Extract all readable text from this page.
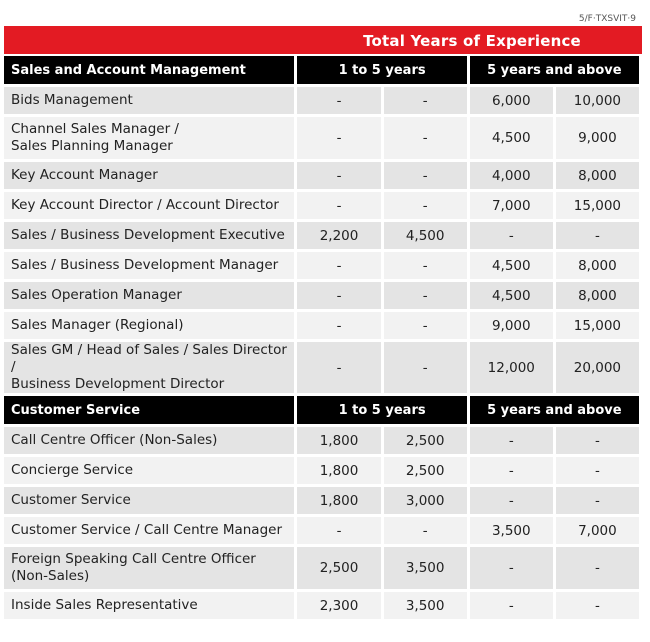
5/F·TXSVIT·9
Total Years of Experience
Sales and Account Management	1 to 5 years		5 years and above	

Bids Management	-	-	6,000	10,000

Channel Sales Manager /
Sales Planning Manager	-	-	4,500	9,000

Key Account Manager	-	-	4,000	8,000

Key Account Director / Account Director	-	-	7,000	15,000

Sales / Business Development Executive	2,200	4,500	-	-

Sales / Business Development Manager	-	-	4,500	8,000

Sales Operation Manager	-	-	4,500	8,000

Sales Manager (Regional)	-	-	9,000	15,000

Sales GM / Head of Sales / Sales Director /
Business Development Director	-	-	12,000	20,000
Customer Service	1 to 5 years		5 years and above	

Call Centre Officer (Non-Sales)	1,800	2,500	-	-

Concierge Service	1,800	2,500	-	-

Customer Service	1,800	3,000	-	-

Customer Service / Call Centre Manager	-	-	3,500	7,000

Foreign Speaking Call Centre Officer
(Non-Sales)	2,500	3,500	-	-

Inside Sales Representative	2,300	3,500	-	-
